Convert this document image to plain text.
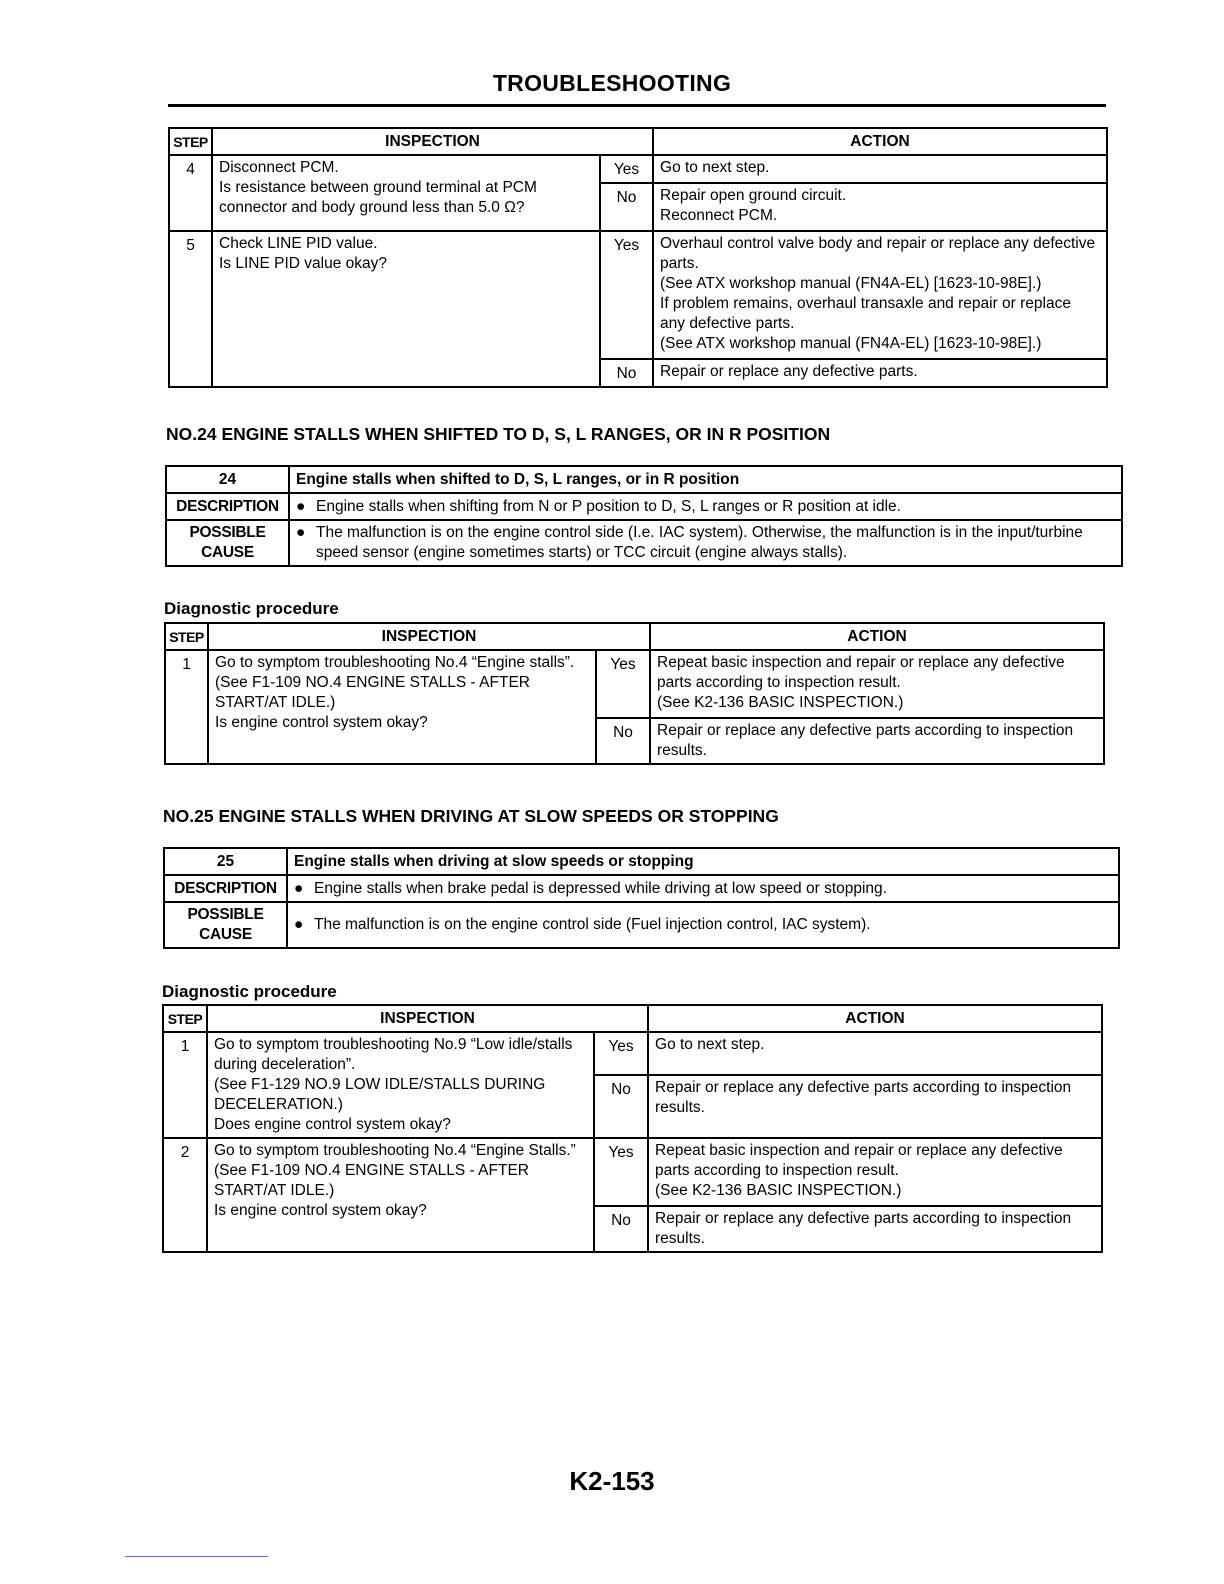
TROUBLESHOOTING
STEP	INSPECTION		ACTION
4	Disconnect PCM.
Is resistance between ground terminal at PCM connector and body ground less than 5.0 Ω?	Yes	Go to next step.

		No	Repair open ground circuit.
Reconnect PCM.

5	Check LINE PID value.
Is LINE PID value okay?	Yes	Overhaul control valve body and repair or replace any defective parts.
(See ATX workshop manual (FN4A-EL) [1623-10-98E].)
If problem remains, overhaul transaxle and repair or replace any defective parts.
(See ATX workshop manual (FN4A-EL) [1623-10-98E].)

		No	Repair or replace any defective parts.
NO.24 ENGINE STALLS WHEN SHIFTED TO D, S, L RANGES, OR IN R POSITION
24	Engine stalls when shifted to D, S, L ranges, or in R position
DESCRIPTION	● Engine stalls when shifting from N or P position to D, S, L ranges or R position at idle.

POSSIBLE
CAUSE	● The malfunction is on the engine control side (I.e. IAC system). Otherwise, the malfunction is in the input/turbine speed sensor (engine sometimes starts) or TCC circuit (engine always stalls).
Diagnostic procedure
STEP	INSPECTION		ACTION
1	Go to symptom troubleshooting No.4 “Engine stalls”.
(See F1-109 NO.4 ENGINE STALLS - AFTER START/AT IDLE.)
Is engine control system okay?	Yes	Repeat basic inspection and repair or replace any defective parts according to inspection result.
(See K2-136 BASIC INSPECTION.)

		No	Repair or replace any defective parts according to inspection results.
NO.25 ENGINE STALLS WHEN DRIVING AT SLOW SPEEDS OR STOPPING
25	Engine stalls when driving at slow speeds or stopping
DESCRIPTION	● Engine stalls when brake pedal is depressed while driving at low speed or stopping.

POSSIBLE
CAUSE	● The malfunction is on the engine control side (Fuel injection control, IAC system).
Diagnostic procedure
STEP	INSPECTION		ACTION
1	Go to symptom troubleshooting No.9 “Low idle/stalls during deceleration”.
(See F1-129 NO.9 LOW IDLE/STALLS DURING DECELERATION.)
Does engine control system okay?	Yes	Go to next step.

		No	Repair or replace any defective parts according to inspection results.

2	Go to symptom troubleshooting No.4 “Engine Stalls.”
(See F1-109 NO.4 ENGINE STALLS - AFTER START/AT IDLE.)
Is engine control system okay?	Yes	Repeat basic inspection and repair or replace any defective parts according to inspection result.
(See K2-136 BASIC INSPECTION.)

		No	Repair or replace any defective parts according to inspection results.
K2-153
